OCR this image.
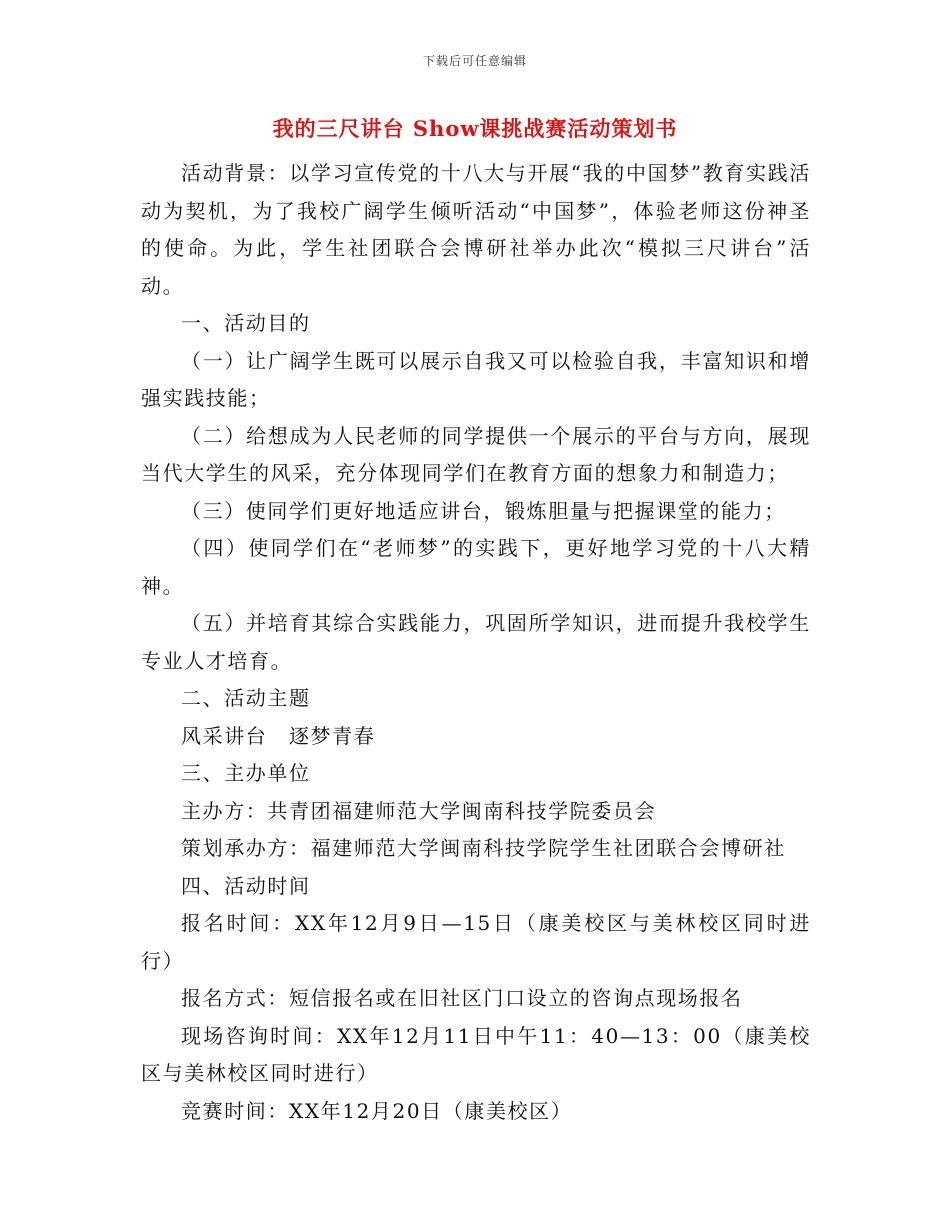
下载后可任意编辑
我的三尺讲台 Show课挑战赛活动策划书

活动背景：以学习宣传党的十八大与开展“我的中国梦”教育实践活动为契机，为了我校广阔学生倾听活动“中国梦”，体验老师这份神圣的使命。为此，学生社团联合会博研社举办此次“模拟三尺讲台”活动。

一、活动目的

（一）让广阔学生既可以展示自我又可以检验自我，丰富知识和增强实践技能；

（二）给想成为人民老师的同学提供一个展示的平台与方向，展现当代大学生的风采，充分体现同学们在教育方面的想象力和制造力；

（三）使同学们更好地适应讲台，锻炼胆量与把握课堂的能力；

（四）使同学们在“老师梦”的实践下，更好地学习党的十八大精神。

（五）并培育其综合实践能力，巩固所学知识，进而提升我校学生专业人才培育。

二、活动主题

风采讲台　逐梦青春

三、主办单位

主办方：共青团福建师范大学闽南科技学院委员会

策划承办方：福建师范大学闽南科技学院学生社团联合会博研社

四、活动时间

报名时间：XX年12月9日—15日（康美校区与美林校区同时进行）

报名方式：短信报名或在旧社区门口设立的咨询点现场报名

现场咨询时间：XX年12月11日中午11：40—13：00（康美校区与美林校区同时进行）

竞赛时间：XX年12月20日（康美校区）
